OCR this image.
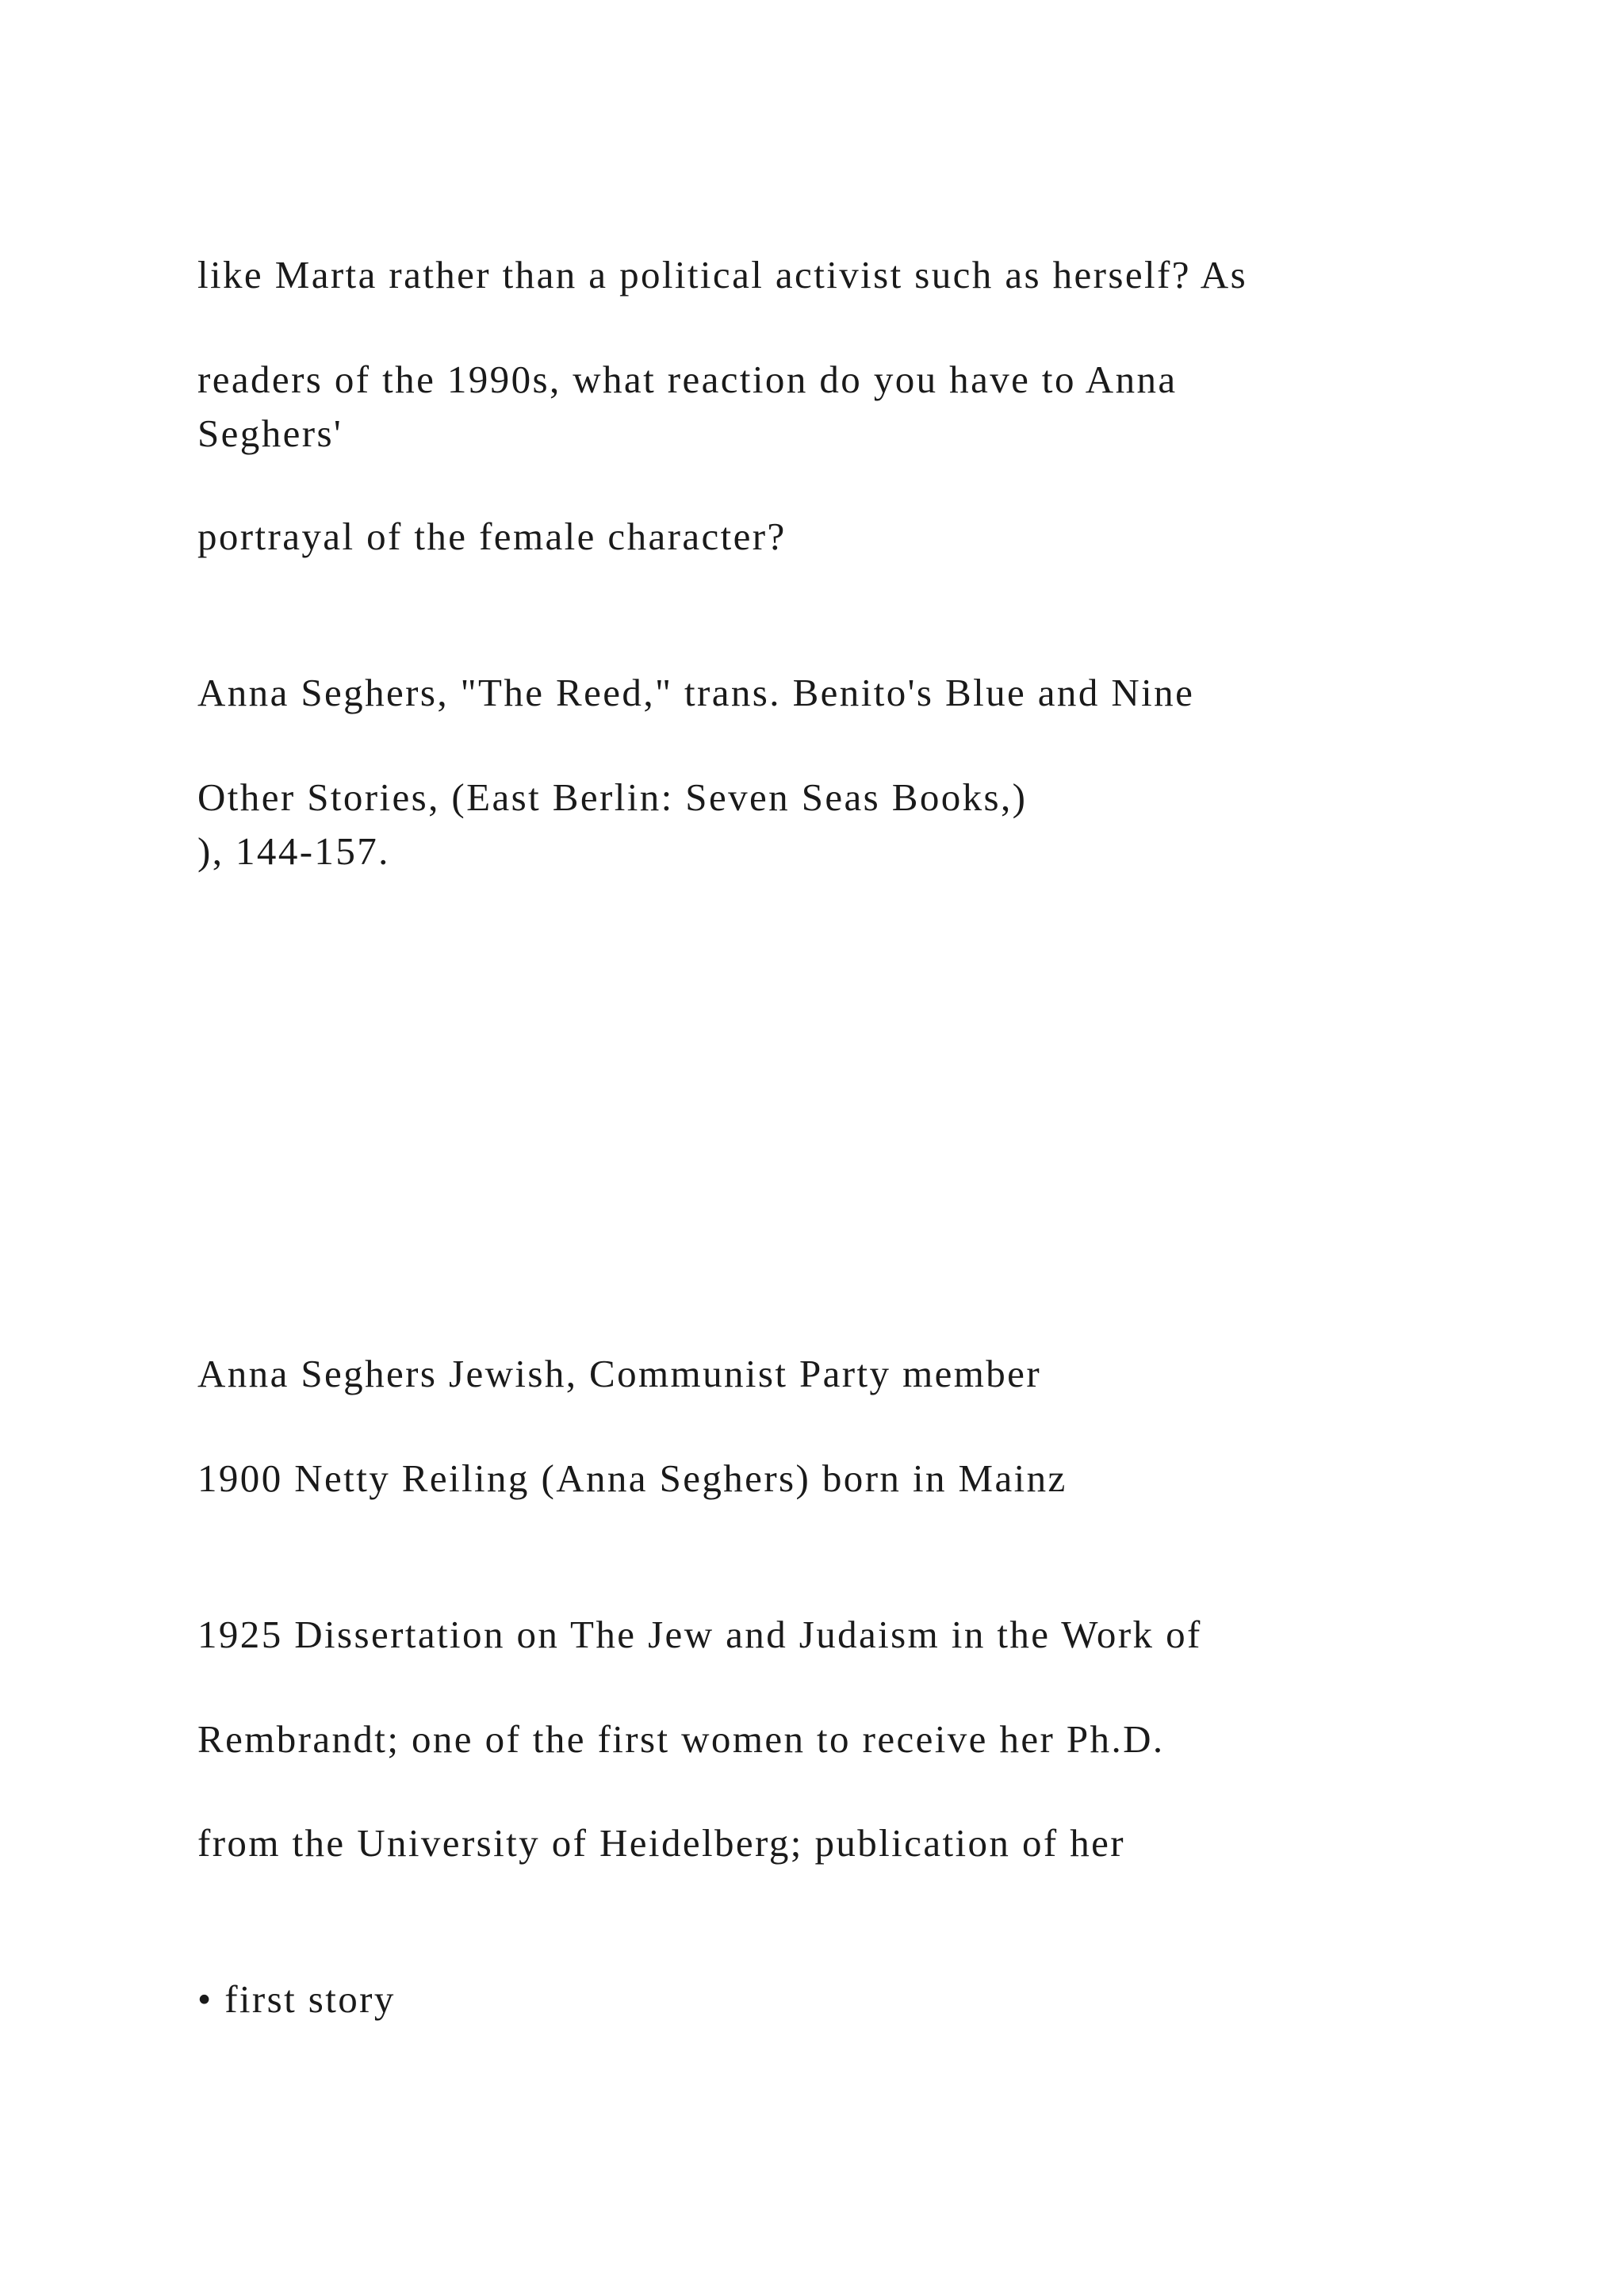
like Marta rather than a political activist such as herself? As

readers of the 1990s, what reaction do you have to Anna

Seghers'

portrayal of the female character?

Anna Seghers, "The Reed," trans. Benito's Blue and Nine

Other Stories, (East Berlin: Seven Seas Books,)

), 144-157.

Anna Seghers Jewish, Communist Party member

1900 Netty Reiling (Anna Seghers) born in Mainz

1925 Dissertation on The Jew and Judaism in the Work of

Rembrandt; one of the first women to receive her Ph.D.

from the University of Heidelberg; publication of her

• first story
